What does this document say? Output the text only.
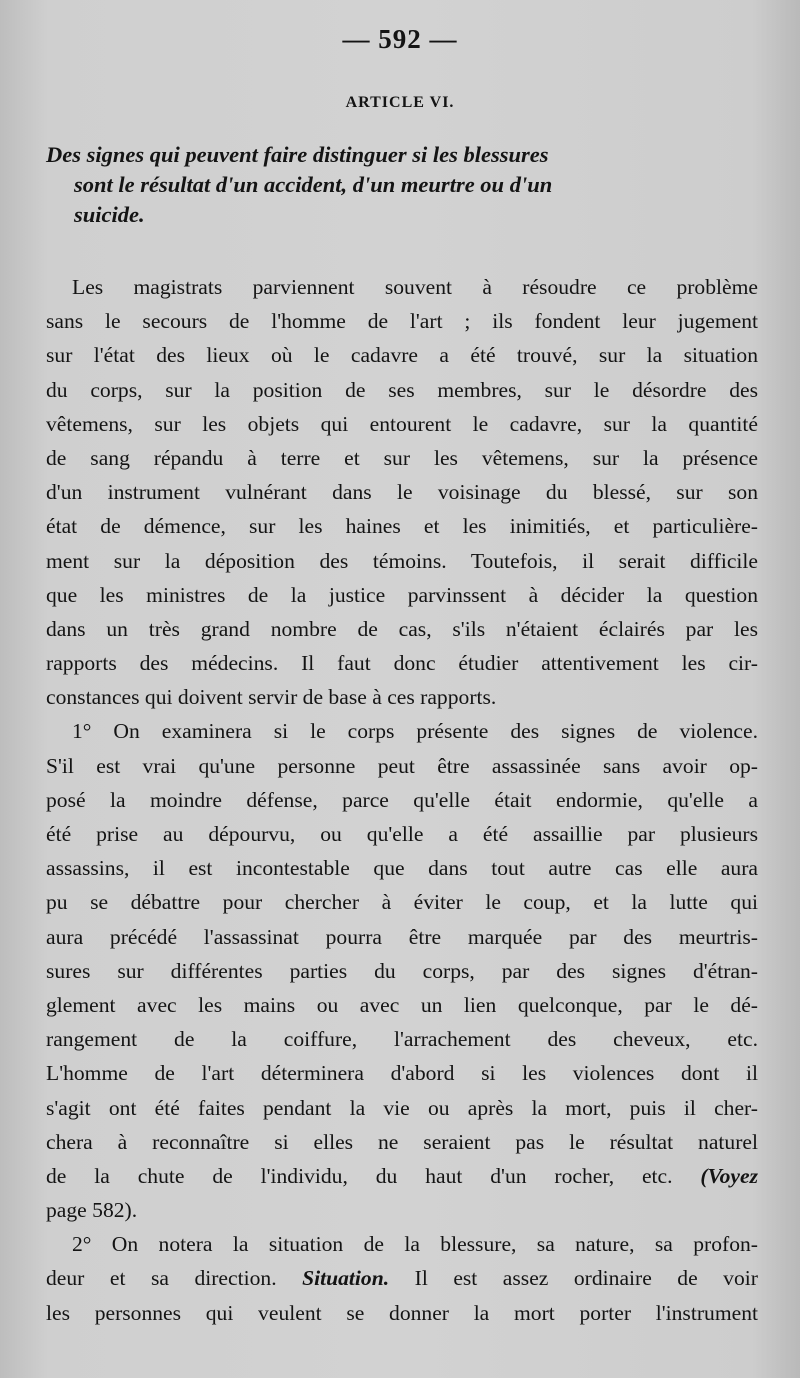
— 592 —
ARTICLE VI.
Des signes qui peuvent faire distinguer si les blessures
sont le résultat d'un accident, d'un meurtre ou d'un
suicide.
Les magistrats parviennent souvent à résoudre ce problème
sans le secours de l'homme de l'art ; ils fondent leur jugement
sur l'état des lieux où le cadavre a été trouvé, sur la situation
du corps, sur la position de ses membres, sur le désordre des
vêtemens, sur les objets qui entourent le cadavre, sur la quantité
de sang répandu à terre et sur les vêtemens, sur la présence
d'un instrument vulnérant dans le voisinage du blessé, sur son
état de démence, sur les haines et les inimitiés, et particulière-
ment sur la déposition des témoins. Toutefois, il serait difficile
que les ministres de la justice parvinssent à décider la question
dans un très grand nombre de cas, s'ils n'étaient éclairés par les
rapports des médecins. Il faut donc étudier attentivement les cir-
constances qui doivent servir de base à ces rapports.
1° On examinera si le corps présente des signes de violence.
S'il est vrai qu'une personne peut être assassinée sans avoir op-
posé la moindre défense, parce qu'elle était endormie, qu'elle a
été prise au dépourvu, ou qu'elle a été assaillie par plusieurs
assassins, il est incontestable que dans tout autre cas elle aura
pu se débattre pour chercher à éviter le coup, et la lutte qui
aura précédé l'assassinat pourra être marquée par des meurtris-
sures sur différentes parties du corps, par des signes d'étran-
glement avec les mains ou avec un lien quelconque, par le dé-
rangement de la coiffure, l'arrachement des cheveux, etc.
L'homme de l'art déterminera d'abord si les violences dont il
s'agit ont été faites pendant la vie ou après la mort, puis il cher-
chera à reconnaître si elles ne seraient pas le résultat naturel
de la chute de l'individu, du haut d'un rocher, etc. (Voyez
page 582).
2° On notera la situation de la blessure, sa nature, sa profon-
deur et sa direction. Situation. Il est assez ordinaire de voir
les personnes qui veulent se donner la mort porter l'instrument
